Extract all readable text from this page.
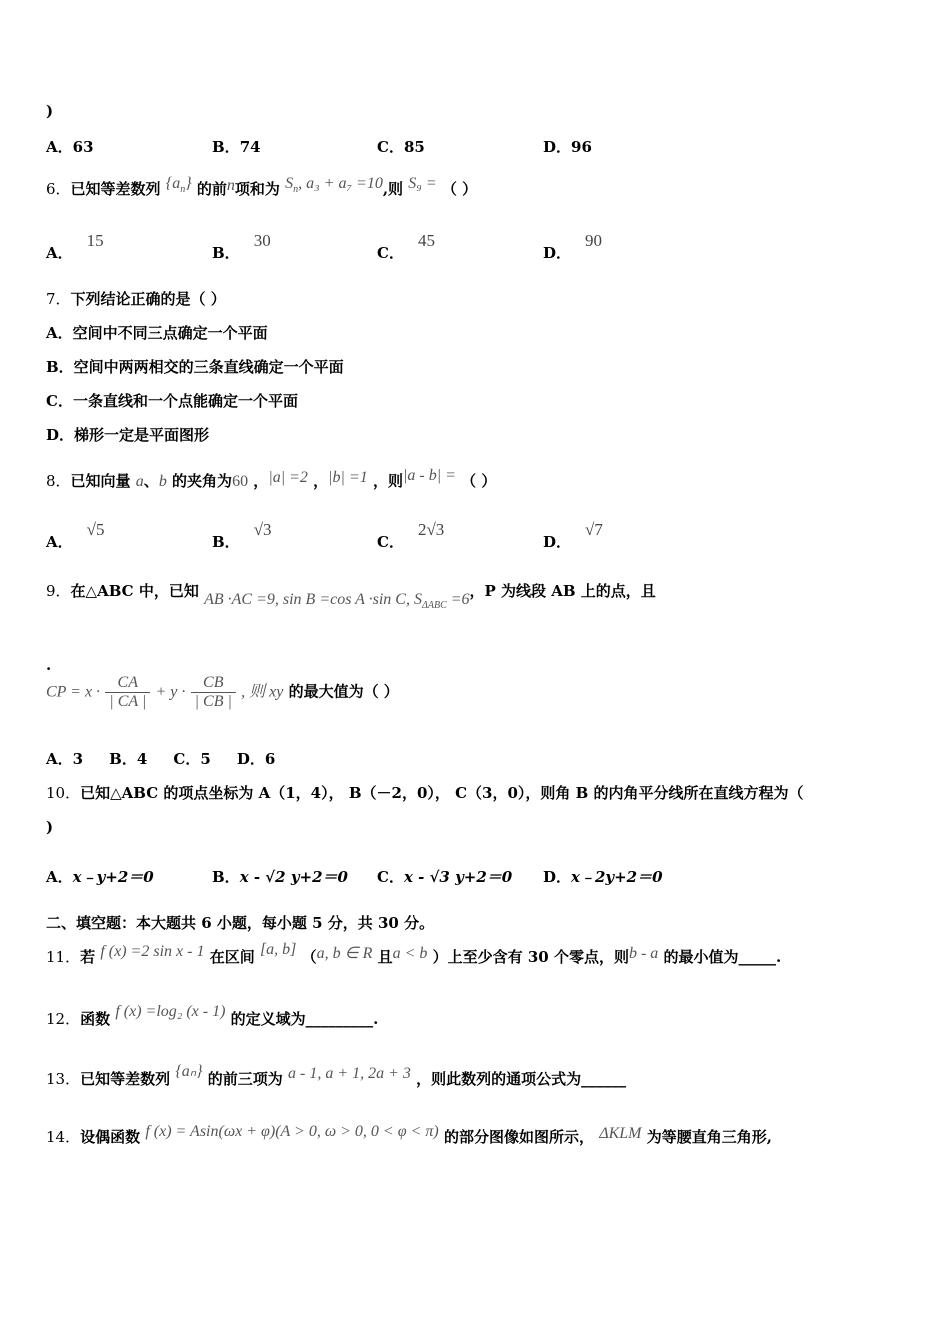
)
A．63	B．74	C．85	D．96
6．已知等差数列 $\{a_n\}$ 的前n项和为 $S_n$, a₃ + a₇ =10,则 S₉ = （ ）
A．15
B．30
C．45
D．90
7．下列结论正确的是（ ）
A．空间中不同三点确定一个平面
B．空间中两两相交的三条直线确定一个平面
C．一条直线和一个点能确定一个平面
D．梯形一定是平面图形
8．已知向量 a、b 的夹角为60 ，|a| =2 ，|b| =1 ，则|a - b| = （ ）
A．√5
B．√3
C．2√3
D．√7
9．在△ABC 中，已知 AB ·AC =9, sin B =cos A ·sin C, $S_{\Delta ABC} =6$，P 为线段 AB 上的点，且
.
CP = $x \cdot \frac{CA}{| CA |} + y \cdot \frac{CB}{| CB |}$ , 则 xy 的最大值为（ ）
A．3     B．4     C．5     D．6
10．已知△ABC 的项点坐标为 A（1，4）， B（－2，0）， C（3，0），则角 B 的内角平分线所在直线方程为（
)
A．x﹣y+2＝0	B．x - √2 y+2＝0 C．x - √3 y+2＝0 D．x﹣2y+2＝0
二、填空题：本大题共 6 小题，每小题 5 分，共 30 分。
11．若 f (x) =2 sin x - 1 在区间 [a, b] （a, b ∈ R 且a < b ）上至少含有 30 个零点，则b - a 的最小值为_____.
12．函数 f (x) =log₂ (x - 1) 的定义域为_________.
13．已知等差数列 {aₙ} 的前三项为 a - 1, a + 1, 2a + 3 ，则此数列的通项公式为______
14．设偶函数 f (x) = Asin(ωx + φ)(A > 0, ω > 0, 0 < φ < π) 的部分图像如图所示， ΔKLM 为等腰直角三角形,
